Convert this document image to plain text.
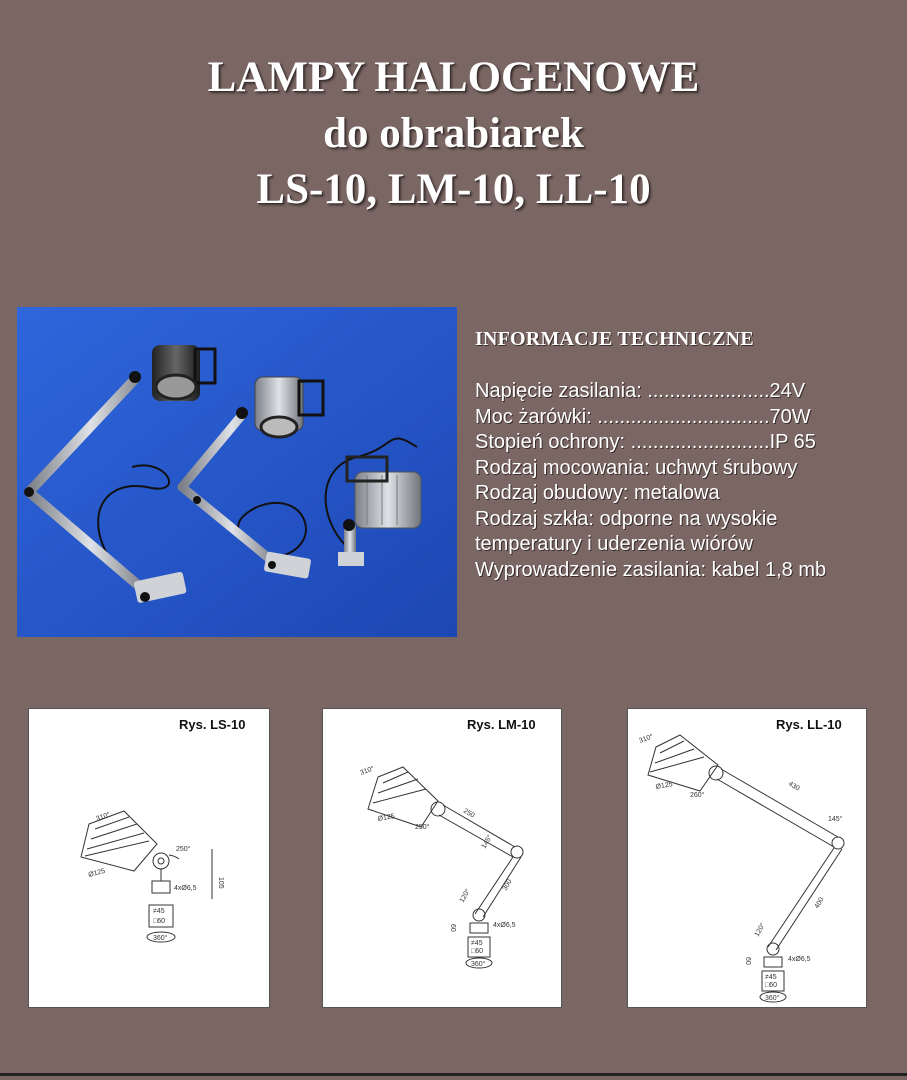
LAMPY HALOGENOWE
do obrabiarek
LS-10, LM-10, LL-10
INFORMACJE TECHNICZNE
Napięcie zasilania: ......................24V
Moc żarówki: ...............................70W
Stopień ochrony: .........................IP 65
Rodzaj mocowania: uchwyt śrubowy
Rodzaj obudowy: metalowa
Rodzaj szkła: odporne na wysokie
temperatury i uderzenia wiórów
Wyprowadzenie zasilania: kabel 1,8 mb
Rys. LS-10
310°
250°
Ø125
4xØ6,5	105
≠45
□60
360°
Rys. LM-10
310°
Ø125
250°
250
145°
300
120°
4xØ6,5
≠45
□60
360°
60
Rys. LL-10
310°
Ø125
260°
430
145°
400
120°
4xØ6,5
≠45
□60
360°
60
